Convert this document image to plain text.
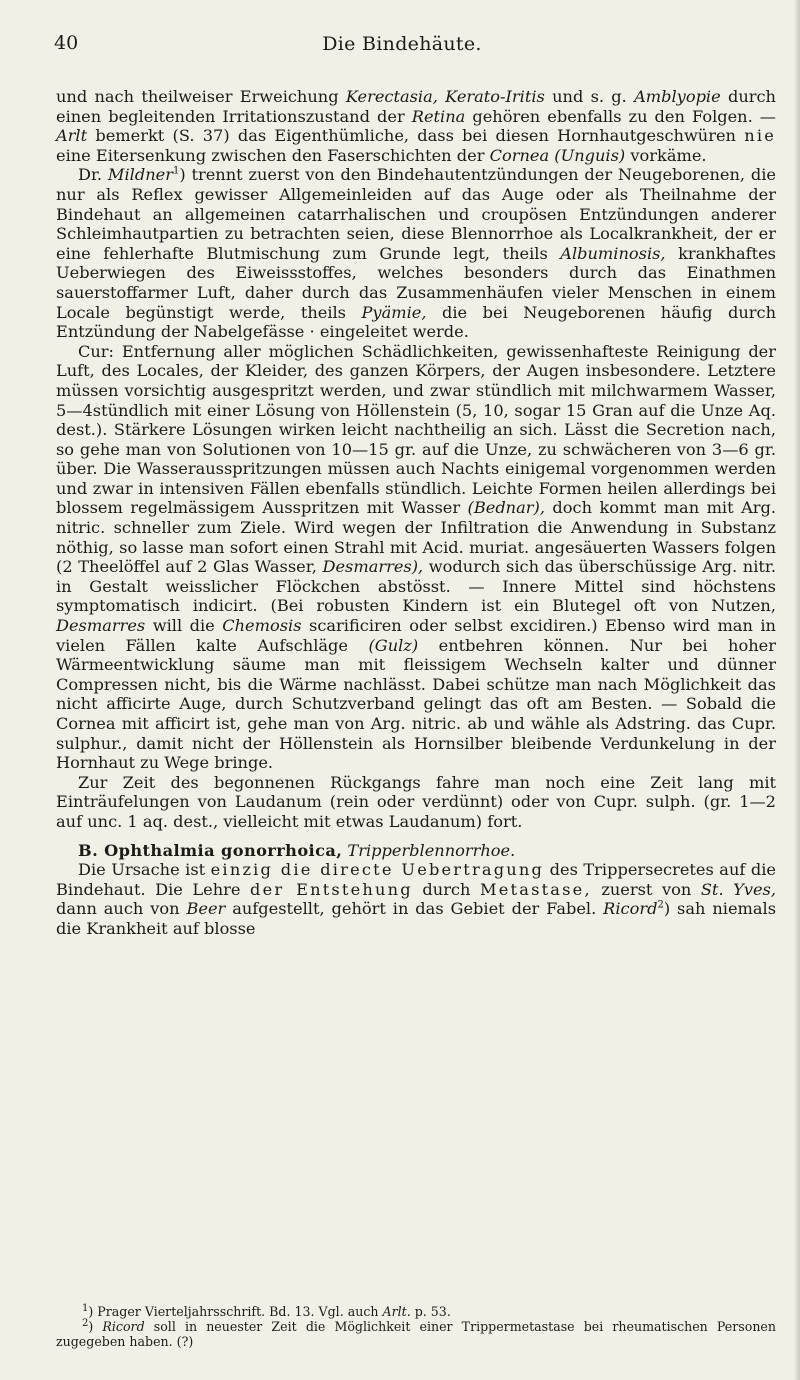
40	Die Bindehäute.

und nach theilweiser Erweichung Kerectasia, Kerato-Iritis und s. g. Amblyopie durch einen begleitenden Irritationszustand der Retina gehören ebenfalls zu den Folgen. — Arlt bemerkt (S. 37) das Eigenthümliche, dass bei diesen Hornhautgeschwüren nie eine Eitersenkung zwischen den Faserschichten der Cornea (Unguis) vorkäme.

Dr. Mildner$^1$) trennt zuerst von den Bindehautentzündungen der Neugeborenen, die nur als Reflex gewisser Allgemeinleiden auf das Auge oder als Theilnahme der Bindehaut an allgemeinen catarrhalischen und croupösen Entzündungen anderer Schleimhautpartien zu betrachten seien, diese Blennorrhoe als Localkrankheit, der er eine fehlerhafte Blutmischung zum Grunde legt, theils Albuminosis, krankhaftes Ueberwiegen des Eiweissstoffes, welches besonders durch das Einathmen sauerstoffarmer Luft, daher durch das Zusammenhäufen vieler Menschen in einem Locale begünstigt werde, theils Pyämie, die bei Neugeborenen häufig durch Entzündung der Nabelgefässe · eingeleitet werde.

Cur: Entfernung aller möglichen Schädlichkeiten, gewissenhafteste Reinigung der Luft, des Locales, der Kleider, des ganzen Körpers, der Augen insbesondere. Letztere müssen vorsichtig ausgespritzt werden, und zwar stündlich mit milchwarmem Wasser, 5—4stündlich mit einer Lösung von Höllenstein (5, 10, sogar 15 Gran auf die Unze Aq. dest.). Stärkere Lösungen wirken leicht nachtheilig an sich. Lässt die Secretion nach, so gehe man von Solutionen von 10—15 gr. auf die Unze, zu schwächeren von 3—6 gr. über. Die Wasserausspritzungen müssen auch Nachts einigemal vorgenommen werden und zwar in intensiven Fällen ebenfalls stündlich. Leichte Formen heilen allerdings bei blossem regelmässigem Ausspritzen mit Wasser (Bednar), doch kommt man mit Arg. nitric. schneller zum Ziele. Wird wegen der Infiltration die Anwendung in Substanz nöthig, so lasse man sofort einen Strahl mit Acid. muriat. angesäuerten Wassers folgen (2 Theelöffel auf 2 Glas Wasser, Desmarres), wodurch sich das überschüssige Arg. nitr. in Gestalt weisslicher Flöckchen abstösst. — Innere Mittel sind höchstens symptomatisch indicirt. (Bei robusten Kindern ist ein Blutegel oft von Nutzen, Desmarres will die Chemosis scarificiren oder selbst excidiren.) Ebenso wird man in vielen Fällen kalte Aufschläge (Gulz) entbehren können. Nur bei hoher Wärmeentwicklung säume man mit fleissigem Wechseln kalter und dünner Compressen nicht, bis die Wärme nachlässt. Dabei schütze man nach Möglichkeit das nicht afficirte Auge, durch Schutzverband gelingt das oft am Besten. — Sobald die Cornea mit afficirt ist, gehe man von Arg. nitric. ab und wähle als Adstring. das Cupr. sulphur., damit nicht der Höllenstein als Hornsilber bleibende Verdunkelung in der Hornhaut zu Wege bringe.

Zur Zeit des begonnenen Rückgangs fahre man noch eine Zeit lang mit Einträufelungen von Laudanum (rein oder verdünnt) oder von Cupr. sulph. (gr. 1—2 auf unc. 1 aq. dest., vielleicht mit etwas Laudanum) fort.

B. Ophthalmia gonorrhoica, Tripperblennorrhoe.

Die Ursache ist einzig die directe Uebertragung des Trippersecretes auf die Bindehaut. Die Lehre der Entstehung durch Metastase, zuerst von St. Yves, dann auch von Beer aufgestellt, gehört in das Gebiet der Fabel. Ricord$^2$) sah niemals die Krankheit auf blosse

$^1$) Prager Vierteljahrsschrift. Bd. 13. Vgl. auch Arlt. p. 53.

$^2$) Ricord soll in neuester Zeit die Möglichkeit einer Trippermetastase bei rheumatischen Personen zugegeben haben. (?)
